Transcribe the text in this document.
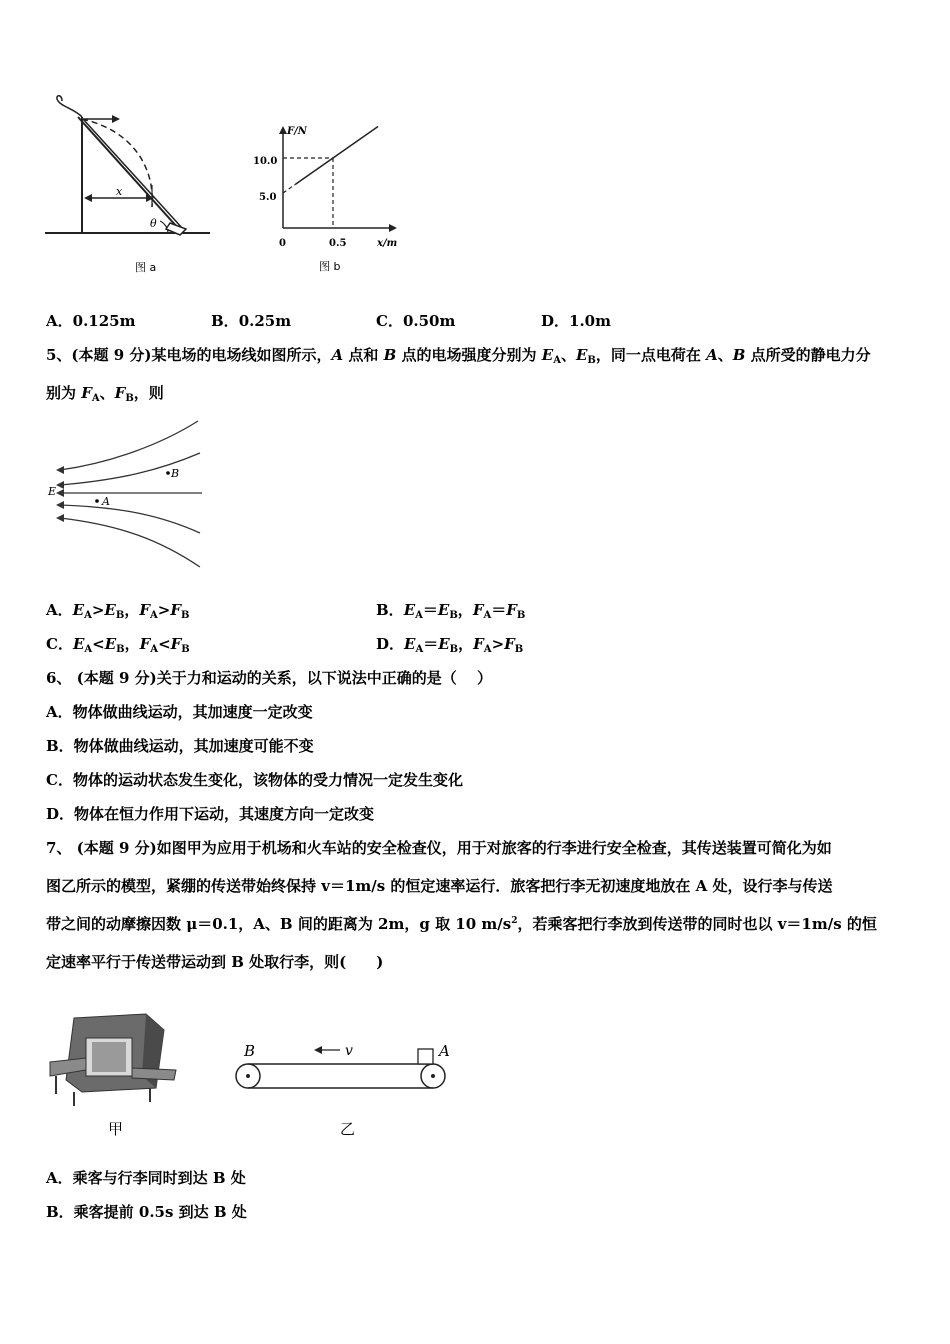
x
θ
图 a
F/N
x/m
10.0
5.0
0	0.5
图 b
A．0.125m	B．0.25m	C．0.50m	D．1.0m
5、(本题 9 分)某电场的电场线如图所示，A 点和 B 点的电场强度分别为 $E_A$、$E_B$，同一点电荷在 A、B 点所受的静电力分
别为 $F_A$、$F_B$，则
E
B
A
A．$E_A>E_B$，$F_A>F_B$	B．$E_A=E_B$，$F_A=F_B$
C．$E_A<E_B$，$F_A<F_B$	D．$E_A=E_B$，$F_A>F_B$
6、 (本题 9 分)关于力和运动的关系，以下说法中正确的是（　 ）
A．物体做曲线运动，其加速度一定改变
B．物体做曲线运动，其加速度可能不变
C．物体的运动状态发生变化，该物体的受力情况一定发生变化
D．物体在恒力作用下运动，其速度方向一定改变
7、 (本题 9 分)如图甲为应用于机场和火车站的安全检查仪，用于对旅客的行李进行安全检查，其传送装置可简化为如
图乙所示的模型，紧绷的传送带始终保持 v＝1m/s 的恒定速率运行．旅客把行李无初速度地放在 A 处，设行李与传送
带之间的动摩擦因数 μ＝0.1，A、B 间的距离为 2m，g 取 10 $m/s^2$，若乘客把行李放到传送带的同时也以 v＝1m/s 的恒
定速率平行于传送带运动到 B 处取行李，则(　　)
甲
v
B	A
乙
A．乘客与行李同时到达 B 处
B．乘客提前 0.5s 到达 B 处
